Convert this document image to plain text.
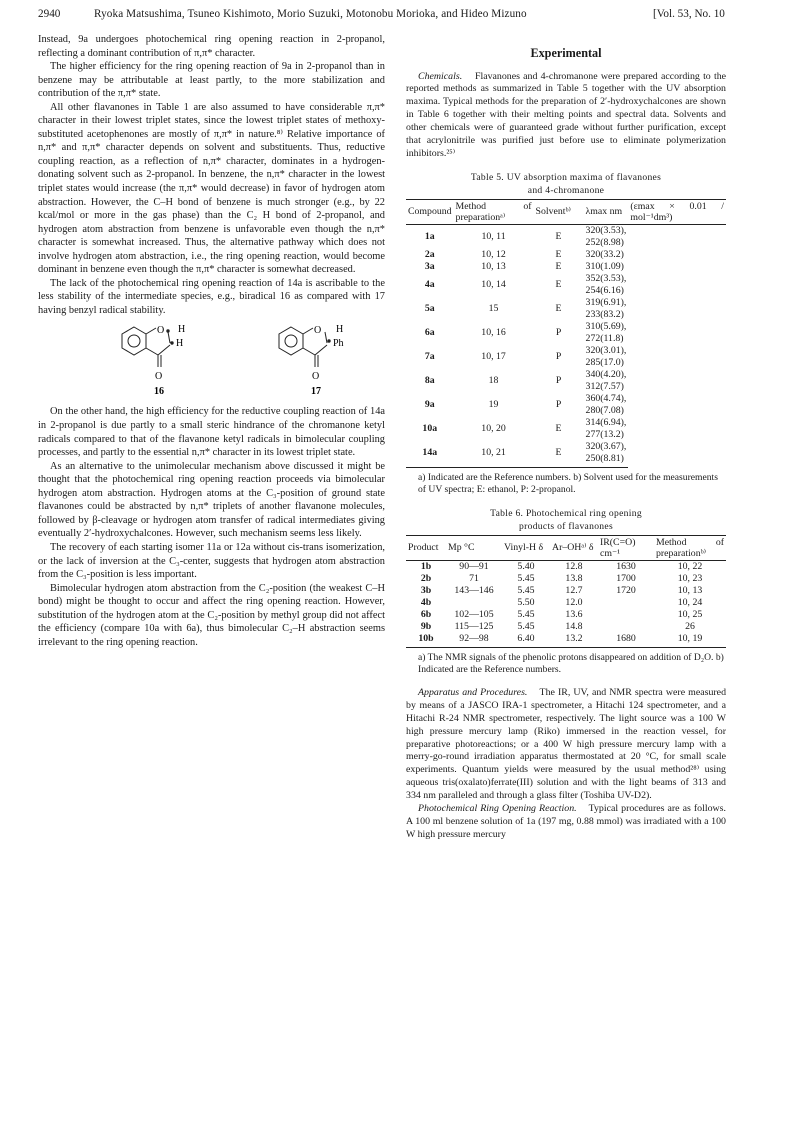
2940	Ryoka Matsushima, Tsuneo Kishimoto, Morio Suzuki, Motonobu Morioka, and Hideo Mizuno	[Vol. 53, No. 10

Instead, 9a undergoes photochemical ring opening reaction in 2-propanol, reflecting a dominant contribution of π,π* character.

The higher efficiency for the ring opening reaction of 9a in 2-propanol than in benzene may be attributable at least partly, to the more stabilization and contribution of the π,π* state.

All other flavanones in Table 1 are also assumed to have considerable π,π* character in their lowest triplet states, since the lowest triplet states of methoxy-substituted acetophenones are mostly of π,π* in nature.⁸⁾ Relative importance of n,π* and π,π* character depends on solvent and substituents. Thus, reductive coupling reaction, as a reflection of n,π* character, dominates in a hydrogen-donating solvent such as 2-propanol. In benzene, the n,π* character in the lowest triplet states would increase (the π,π* would decrease) in favor of hydrogen atom abstraction. However, the C–H bond of benzene is much stronger (e.g., by 22 kcal/mol or more in the gas phase) than the C₂ H bond of 2-propanol, and hydrogen atom abstraction from benzene is unfavorable even though the n,π* character is somewhat increased. Thus, the alternative pathway which does not involve hydrogen atom abstraction, i.e., the ring opening reaction, would become dominant in benzene even though the π,π* character is somewhat decreased.

The lack of the photochemical ring opening reaction of 14a is ascribable to the less stability of the intermediate species, e.g., biradical 16 as compared with 17 having benzyl radical stability.

O H
H
O
16
O H
Ph
O
17

On the other hand, the high efficiency for the reductive coupling reaction of 14a in 2-propanol is due partly to a small steric hindrance of the chromanone ketyl radicals compared to that of the flavanone ketyl radicals in bimolecular coupling processes, and partly to the essential n,π* character in its lowest triplet state.

As an alternative to the unimolecular mechanism above discussed it might be thought that the photochemical ring opening reaction proceeds via bimolecular hydrogen atom abstraction. Hydrogen atoms at the C₃-position of ground state flavanones could be abstracted by n,π* triplets of another flavanone molecules, followed by β-cleavage or hydrogen atom transfer of radical intermediates giving eventually 2′-hydroxychalcones. However, such mechanism seems less likely.

The recovery of each starting isomer 11a or 12a without cis-trans isomerization, or the lack of inversion at the C₃-center, suggests that hydrogen atom abstraction from the C₃-position is less important.

Bimolecular hydrogen atom abstraction from the C₂-position (the weakest C–H bond) might be thought to occur and affect the ring opening reaction. However, substitution of the hydrogen atom at the C₂-position by methyl group did not affect the efficiency (compare 10a with 6a), thus bimolecular C₂–H abstraction seems irrelevant to the ring opening reaction.

Experimental

Chemicals. Flavanones and 4-chromanone were prepared according to the reported methods as summarized in Table 5 together with the UV absorption maxima. Typical methods for the preparation of 2′-hydroxychalcones are shown in Table 6 together with their melting points and spectral data. Solvents and other chemicals were of guaranteed grade without further purification, except that acrylonitrile was purified just before use to eliminate polymerization inhibitors.²⁵⁾

Table 5. UV absorption maxima of flavanones
and 4-chromanone
Compound	Method of preparationᵃ⁾	Solventᵇ⁾	λmax nm	(εmax × 0.01 / mol⁻¹dm³)
1a	10, 11	E	320(3.53), 252(8.98)	
2a	10, 12	E	320(33.2)	
3a	10, 13	E	310(1.09)	
4a	10, 14	E	352(3.53), 254(6.16)	
5a	15	E	319(6.91), 233(83.2)	
6a	10, 16	P	310(5.69), 272(11.8)	
7a	10, 17	P	320(3.01), 285(17.0)	
8a	18	P	340(4.20), 312(7.57)	
9a	19	P	360(4.74), 280(7.08)	
10a	10, 20	E	314(6.94), 277(13.2)	
14a	10, 21	E	320(3.67), 250(8.81)	
a) Indicated are the Reference numbers. b) Solvent used for the measurements of UV spectra; E: ethanol, P: 2-propanol.
Table 6. Photochemical ring opening
products of flavanones
Product	Mp °C	Vinyl-H δ	Ar–OHᵃ⁾ δ	IR(C=O) cm⁻¹	Method of preparationᵇ⁾
1b	90—91	5.40	12.8	1630	10, 22
2b	71	5.45	13.8	1700	10, 23
3b	143—146	5.45	12.7	1720	10, 13
4b		5.50	12.0		10, 24
6b	102—105	5.45	13.6		10, 25
9b	115—125	5.45	14.8		26
10b	92—98	6.40	13.2	1680	10, 19
a) The NMR signals of the phenolic protons disappeared on addition of D₂O. b) Indicated are the Reference numbers.

Apparatus and Procedures. The IR, UV, and NMR spectra were measured by means of a JASCO IRA-1 spectrometer, a Hitachi 124 spectrometer, and a Hitachi R-24 NMR spectrometer, respectively. The light source was a 100 W high pressure mercury lamp (Riko) immersed in the reaction vessel, for preparative photoreactions; or a 400 W high pressure mercury lamp with a merry-go-round irradiation apparatus thermostated at 20 °C, for small scale experiments. Quantum yields were measured by the usual method²⁸⁾ using aqueous tris(oxalato)ferrate(III) solution and with the light beams of 313 and 334 nm paralleled and through a glass filter (Toshiba UV-D2).

Photochemical Ring Opening Reaction. Typical procedures are as follows. A 100 ml benzene solution of 1a (197 mg, 0.88 mmol) was irradiated with a 100 W high pressure mercury
